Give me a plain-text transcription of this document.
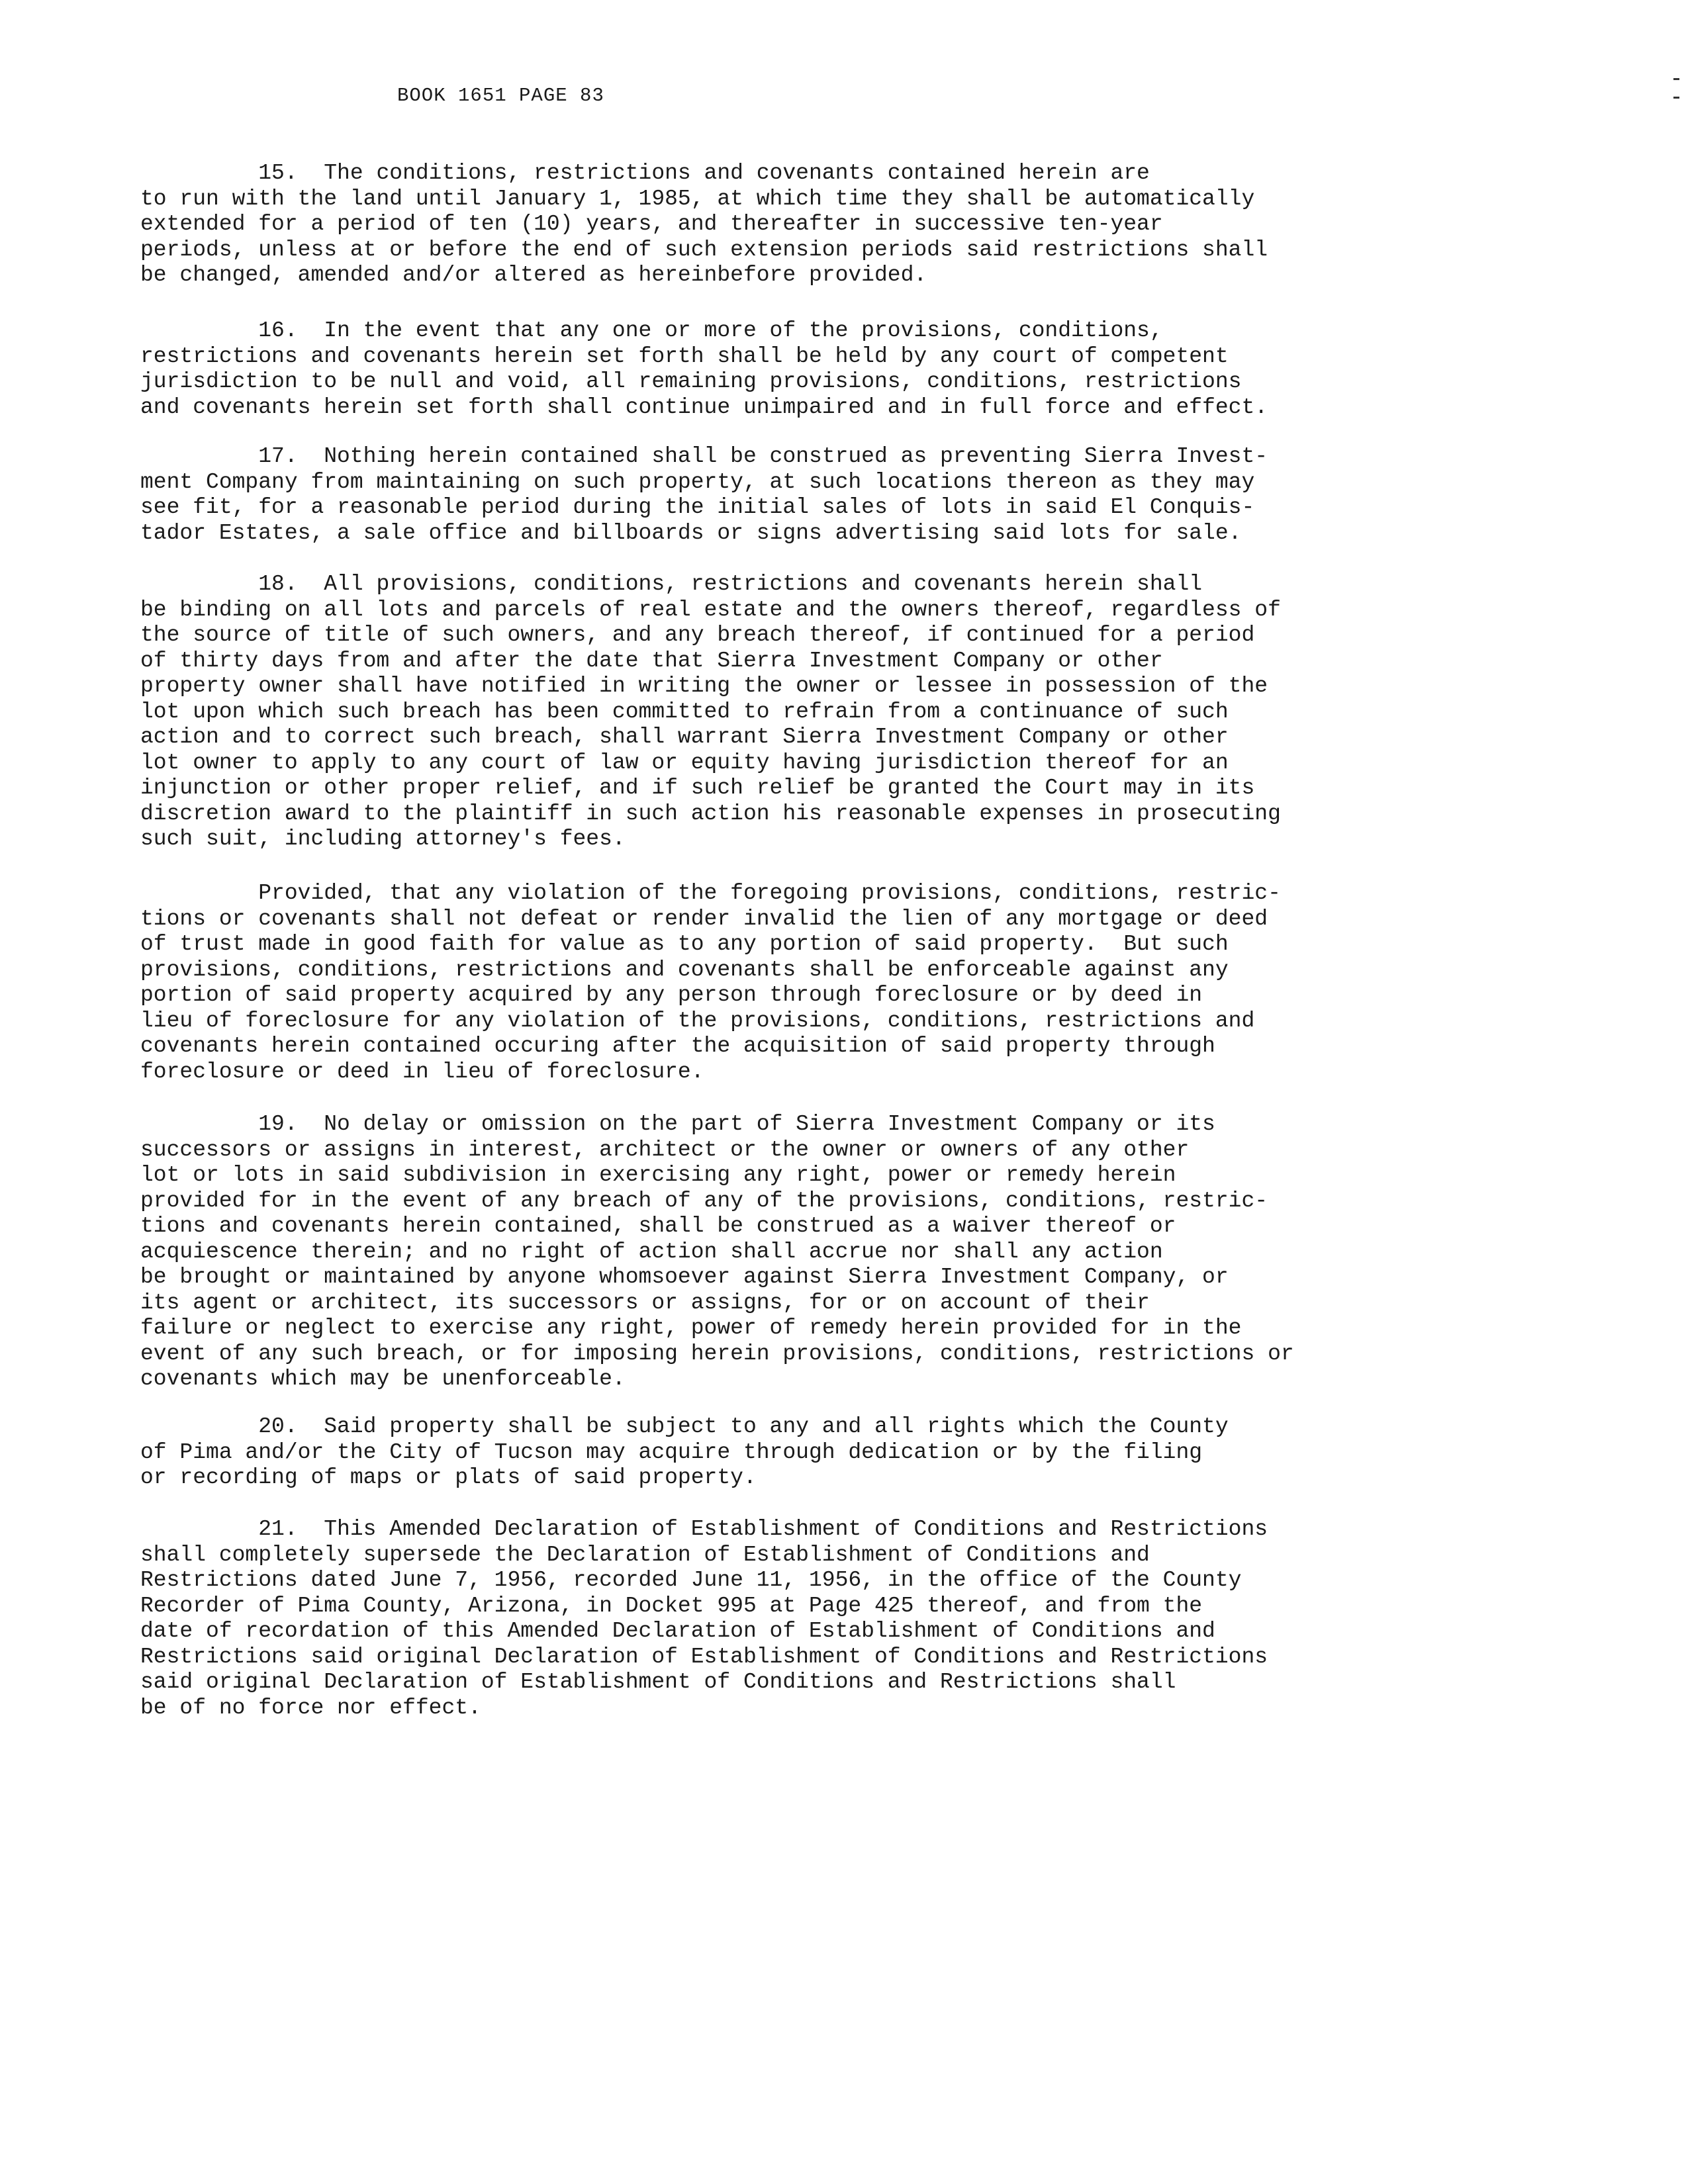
BOOK 1651 PAGE 83
15.  The conditions, restrictions and covenants contained herein are
to run with the land until January 1, 1985, at which time they shall be automatically
extended for a period of ten (10) years, and thereafter in successive ten-year
periods, unless at or before the end of such extension periods said restrictions shall
be changed, amended and/or altered as hereinbefore provided.
16.  In the event that any one or more of the provisions, conditions,
restrictions and covenants herein set forth shall be held by any court of competent
jurisdiction to be null and void, all remaining provisions, conditions, restrictions
and covenants herein set forth shall continue unimpaired and in full force and effect.
17.  Nothing herein contained shall be construed as preventing Sierra Invest-
ment Company from maintaining on such property, at such locations thereon as they may
see fit, for a reasonable period during the initial sales of lots in said El Conquis-
tador Estates, a sale office and billboards or signs advertising said lots for sale.
18.  All provisions, conditions, restrictions and covenants herein shall
be binding on all lots and parcels of real estate and the owners thereof, regardless of
the source of title of such owners, and any breach thereof, if continued for a period
of thirty days from and after the date that Sierra Investment Company or other
property owner shall have notified in writing the owner or lessee in possession of the
lot upon which such breach has been committed to refrain from a continuance of such
action and to correct such breach, shall warrant Sierra Investment Company or other
lot owner to apply to any court of law or equity having jurisdiction thereof for an
injunction or other proper relief, and if such relief be granted the Court may in its
discretion award to the plaintiff in such action his reasonable expenses in prosecuting
such suit, including attorney's fees.
Provided, that any violation of the foregoing provisions, conditions, restric-
tions or covenants shall not defeat or render invalid the lien of any mortgage or deed
of trust made in good faith for value as to any portion of said property.  But such
provisions, conditions, restrictions and covenants shall be enforceable against any
portion of said property acquired by any person through foreclosure or by deed in
lieu of foreclosure for any violation of the provisions, conditions, restrictions and
covenants herein contained occuring after the acquisition of said property through
foreclosure or deed in lieu of foreclosure.
19.  No delay or omission on the part of Sierra Investment Company or its
successors or assigns in interest, architect or the owner or owners of any other
lot or lots in said subdivision in exercising any right, power or remedy herein
provided for in the event of any breach of any of the provisions, conditions, restric-
tions and covenants herein contained, shall be construed as a waiver thereof or
acquiescence therein; and no right of action shall accrue nor shall any action
be brought or maintained by anyone whomsoever against Sierra Investment Company, or
its agent or architect, its successors or assigns, for or on account of their
failure or neglect to exercise any right, power of remedy herein provided for in the
event of any such breach, or for imposing herein provisions, conditions, restrictions or
covenants which may be unenforceable.
20.  Said property shall be subject to any and all rights which the County
of Pima and/or the City of Tucson may acquire through dedication or by the filing
or recording of maps or plats of said property.
21.  This Amended Declaration of Establishment of Conditions and Restrictions
shall completely supersede the Declaration of Establishment of Conditions and
Restrictions dated June 7, 1956, recorded June 11, 1956, in the office of the County
Recorder of Pima County, Arizona, in Docket 995 at Page 425 thereof, and from the
date of recordation of this Amended Declaration of Establishment of Conditions and
Restrictions said original Declaration of Establishment of Conditions and Restrictions
said original Declaration of Establishment of Conditions and Restrictions shall
be of no force nor effect.
